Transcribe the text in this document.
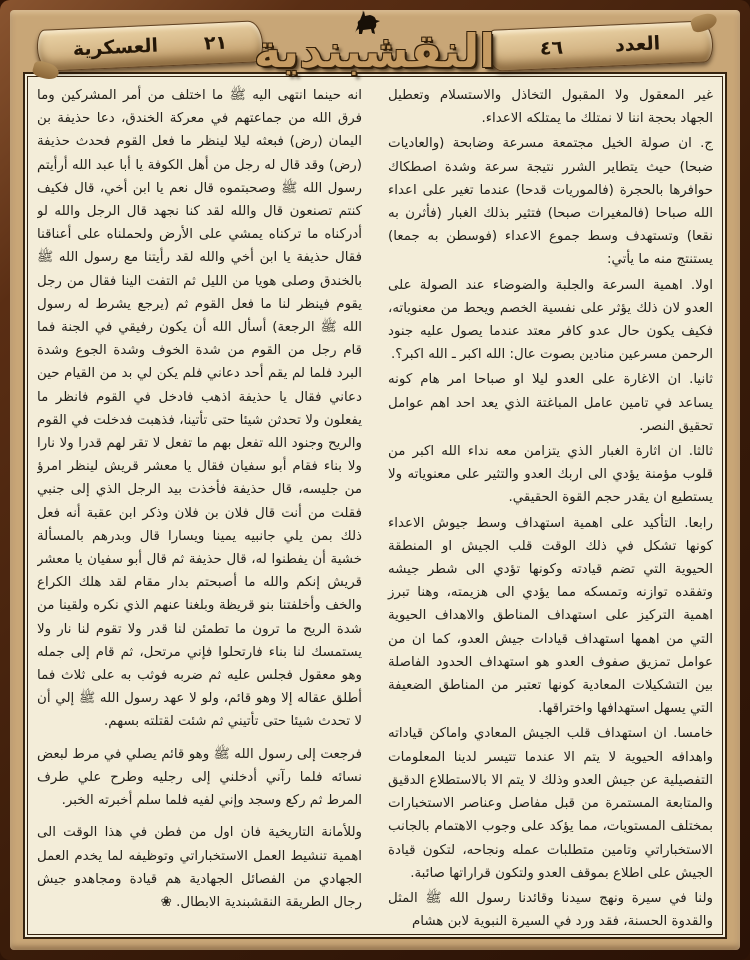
٢١
العسكرية	العدد
٤٦
النقشبندية

غير المعقول ولا المقبول التخاذل والاستسلام وتعطيل الجهاد بحجة اننا لا نمتلك ما يمتلكه الاعداء.

ج. ان صولة الخيل مجتمعة مسرعة وضابحة (والعاديات ضبحا) حيث يتطاير الشرر نتيجة سرعة وشدة اصطكاك حوافرها بالحجرة (فالموريات قدحا) عندما تغير على اعداء الله صباحا (فالمغيرات صبحا) فتثير بذلك الغبار (فأثرن به نقعا) وتستهدف وسط جموع الاعداء (فوسطن به جمعا) يستنتج منه ما يأتي:

اولا. اهمية السرعة والجلبة والضوضاء عند الصولة على العدو لان ذلك يؤثر على نفسية الخصم ويحط من معنوياته، فكيف يكون حال عدو كافر معتد عندما يصول عليه جنود الرحمن مسرعين منادين بصوت عال: الله اكبر ـ الله اكبر؟.

ثانيا. ان الاغارة على العدو ليلا او صباحا امر هام كونه يساعد في تامين عامل المباغتة الذي يعد احد اهم عوامل تحقيق النصر.

ثالثا. ان اثارة الغبار الذي يتزامن معه نداء الله اكبر من قلوب مؤمنة يؤدي الى اربك العدو والتثير على معنوياته ولا يستطيع ان يقدر حجم القوة الحقيقي.

رابعا. التأكيد على اهمية استهداف وسط جيوش الاعداء كونها تشكل في ذلك الوقت قلب الجيش او المنطقة الحيوية التي تضم قيادته وكونها تؤدي الى شطر جيشه وتفقده توازنه وتمسكه مما يؤدي الى هزيمته، وهنا تبرز اهمية التركيز على استهداف المناطق والاهداف الحيوية التي من اهمها استهداف قيادات جيش العدو، كما ان من عوامل تمزيق صفوف العدو هو استهداف الحدود الفاصلة بين التشكيلات المعادية كونها تعتبر من المناطق الضعيفة التي يسهل استهدافها واختراقها.

خامسا. ان استهداف قلب الجيش المعادي واماكن قياداته واهدافه الحيوية لا يتم الا عندما تتيسر لدينا المعلومات التفصيلية عن جيش العدو وذلك لا يتم الا بالاستطلاع الدقيق والمتابعة المستمرة من قبل مفاصل وعناصر الاستخبارات بمختلف المستويات، مما يؤكد على وجوب الاهتمام بالجانب الاستخباراتي وتامين متطلبات عمله ونجاحه، لتكون قيادة الجيش على اطلاع بموقف العدو ولتكون قراراتها صائبة.

ولنا في سيرة ونهج سيدنا وقائدنا رسول الله ﷺ المثل والقدوة الحسنة، فقد ورد في السيرة النبوية لابن هشام

انه حينما انتهى اليه ﷺ ما اختلف من أمر المشركين وما فرق الله من جماعتهم في معركة الخندق، دعا حذيفة بن اليمان (رض) فبعثه ليلا لينظر ما فعل القوم فحدث حذيفة (رض) وقد قال له رجل من أهل الكوفة يا أبا عبد الله أرأيتم رسول الله ﷺ وصحبتموه قال نعم يا ابن أخي، قال فكيف كنتم تصنعون قال والله لقد كنا نجهد قال الرجل والله لو أدركناه ما تركناه يمشي على الأرض ولحملناه على أعناقنا فقال حذيفة يا ابن أخي والله لقد رأيتنا مع رسول الله ﷺ بالخندق وصلى هويا من الليل ثم التفت الينا فقال من رجل يقوم فينظر لنا ما فعل القوم ثم (يرجع يشرط له رسول الله ﷺ الرجعة) أسأل الله أن يكون رفيقي في الجنة فما قام رجل من القوم من شدة الخوف وشدة الجوع وشدة البرد فلما لم يقم أحد دعاني فلم يكن لي بد من القيام حين دعاني فقال يا حذيفة اذهب فادخل في القوم فانظر ما يفعلون ولا تحدثن شيئا حتى تأتينا، فذهبت فدخلت في القوم والريح وجنود الله تفعل بهم ما تفعل لا تقر لهم قدرا ولا نارا ولا بناء فقام أبو سفيان فقال يا معشر قريش لينظر امرؤ من جليسه، قال حذيفة فأخذت بيد الرجل الذي إلى جنبي فقلت من أنت قال فلان بن فلان وذكر ابن عقبة أنه فعل ذلك بمن يلي جانبيه يمينا ويسارا قال وبدرهم بالمسألة خشية أن يفطنوا له، قال حذيفة ثم قال أبو سفيان يا معشر قريش إنكم والله ما أصبحتم بدار مقام لقد هلك الكراع والخف وأخلفتنا بنو قريظة وبلغنا عنهم الذي نكره ولقينا من شدة الريح ما ترون ما تطمئن لنا قدر ولا تقوم لنا نار ولا يستمسك لنا بناء فارتحلوا فإني مرتحل، ثم قام إلى جمله وهو معقول فجلس عليه ثم ضربه فوثب به على ثلاث فما أطلق عقاله إلا وهو قائم، ولو لا عهد رسول الله ﷺ إلي أن لا تحدث شيئا حتى تأتيني ثم شئت لقتلته بسهم.

فرجعت إلى رسول الله ﷺ وهو قائم يصلي في مرط لبعض نسائه فلما رآني أدخلني إلى رجليه وطرح علي طرف المرط ثم ركع وسجد وإني لفيه فلما سلم أخبرته الخبر.

وللأمانة التاريخية فان اول من فطن في هذا الوقت الى اهمية تنشيط العمل الاستخباراتي وتوظيفه لما يخدم العمل الجهادي من الفصائل الجهادية هم قيادة ومجاهدو جيش رجال الطريقة النقشبندية الابطال. ❀
